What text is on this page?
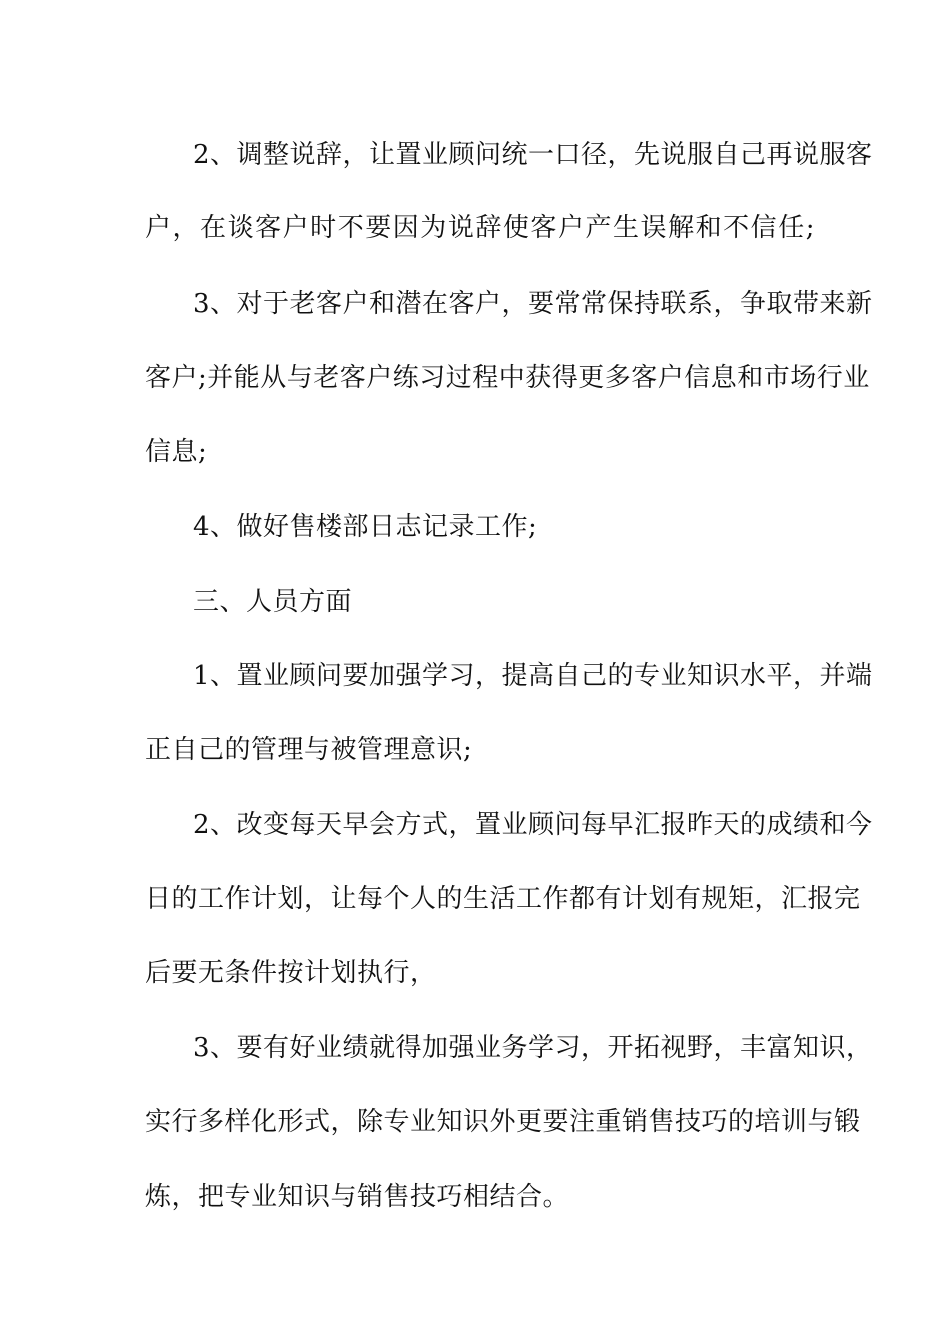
2、调整说辞，让置业顾问统一口径，先说服自己再说服客
户，在谈客户时不要因为说辞使客户产生误解和不信任;
3、对于老客户和潜在客户，要常常保持联系，争取带来新
客户;并能从与老客户练习过程中获得更多客户信息和市场行业
信息;
4、做好售楼部日志记录工作;
三、人员方面
1、置业顾问要加强学习，提高自己的专业知识水平，并端
正自己的管理与被管理意识;
2、改变每天早会方式，置业顾问每早汇报昨天的成绩和今
日的工作计划，让每个人的生活工作都有计划有规矩，汇报完
后要无条件按计划执行，
3、要有好业绩就得加强业务学习，开拓视野，丰富知识，
实行多样化形式，除专业知识外更要注重销售技巧的培训与锻
炼，把专业知识与销售技巧相结合。
